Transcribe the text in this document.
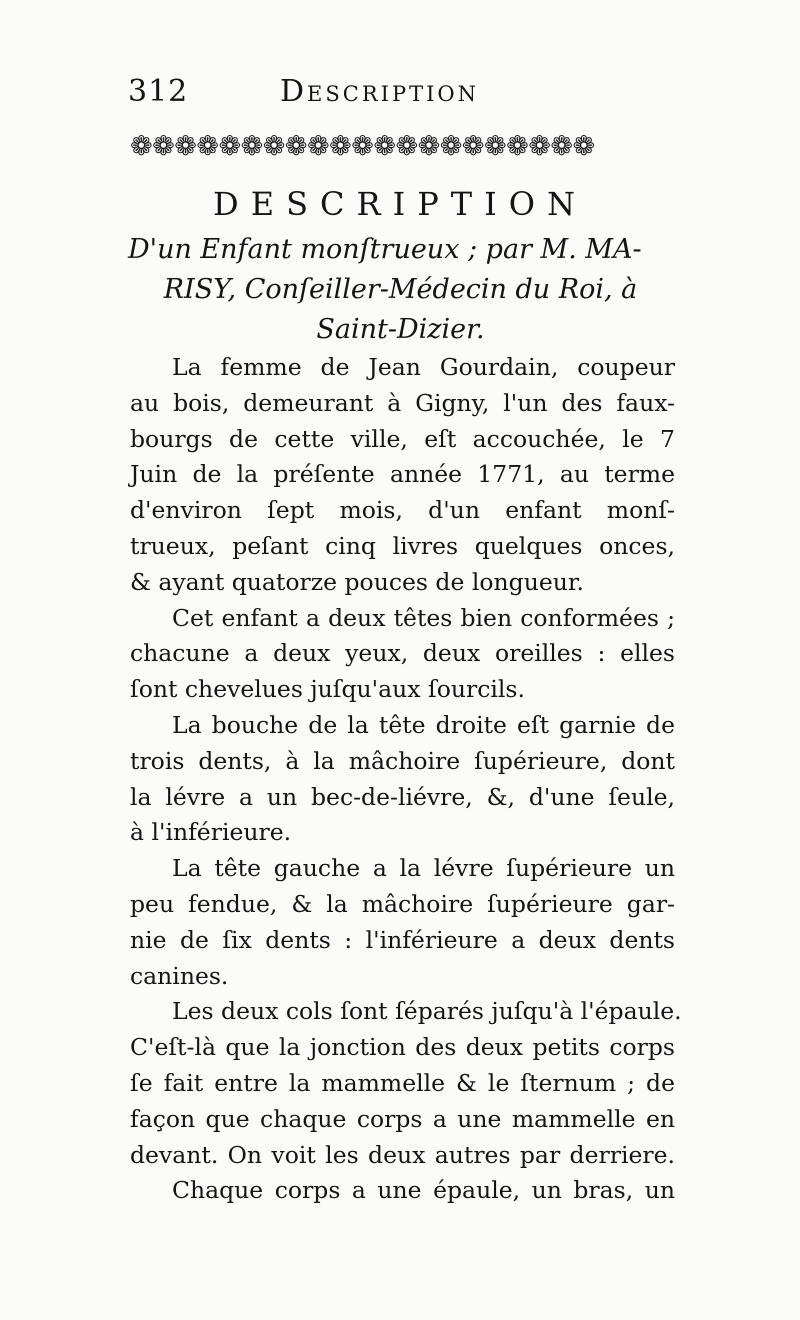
312	Description
❁❁❁❁❁❁❁❁❁❁❁❁❁❁❁❁❁❁❁❁❁
DESCRIPTION
D'un Enfant monſtrueux ; par M. MA-
RISY, Conſeiller-Médecin du Roi, à
Saint-Dizier.
La femme de Jean Gourdain, coupeur
au bois, demeurant à Gigny, l'un des faux-
bourgs de cette ville, eſt accouchée, le 7
Juin de la préſente année 1771, au terme
d'environ ſept mois, d'un enfant monſ-
trueux, peſant cinq livres quelques onces,
& ayant quatorze pouces de longueur.
Cet enfant a deux têtes bien conformées ;
chacune a deux yeux, deux oreilles : elles
ſont chevelues juſqu'aux ſourcils.
La bouche de la tête droite eſt garnie de
trois dents, à la mâchoire ſupérieure, dont
la lévre a un bec-de-liévre, &, d'une ſeule,
à l'inférieure.
La tête gauche a la lévre ſupérieure un
peu fendue, & la mâchoire ſupérieure gar-
nie de ſix dents : l'inférieure a deux dents
canines.
Les deux cols ſont ſéparés juſqu'à l'épaule.
C'eſt-là que la jonction des deux petits corps
ſe fait entre la mammelle & le ſternum ; de
façon que chaque corps a une mammelle en
devant. On voit les deux autres par derriere.
Chaque corps a une épaule, un bras, un
